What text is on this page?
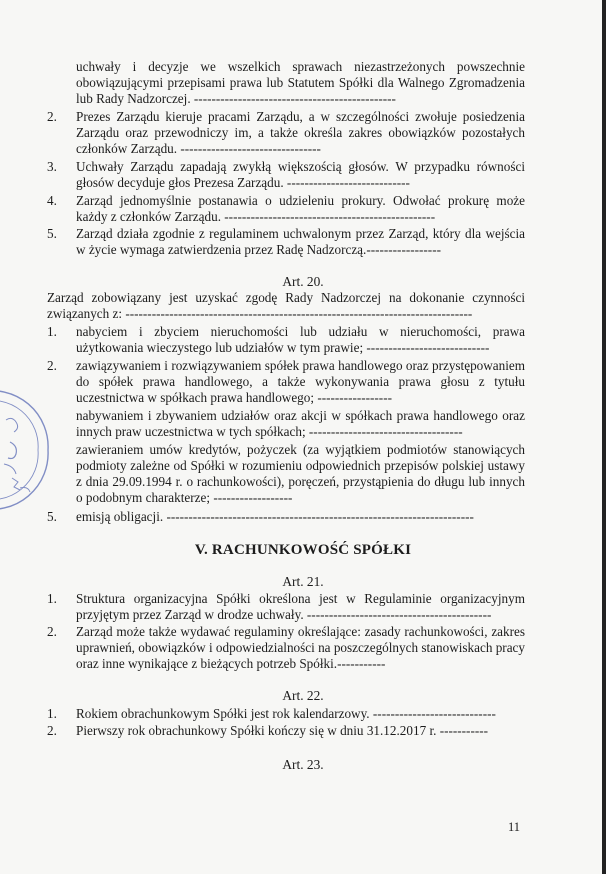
uchwały i decyzje we wszelkich sprawach niezastrzeżonych powszechnie obowiązującymi przepisami prawa lub Statutem Spółki dla Walnego Zgromadzenia lub Rady Nadzorczej. ----------------------------------------------
2.	Prezes Zarządu kieruje pracami Zarządu, a w szczególności zwołuje posiedzenia Zarządu oraz przewodniczy im, a także określa zakres obowiązków pozostałych członków Zarządu. --------------------------------
3.	Uchwały Zarządu zapadają zwykłą większością głosów. W przypadku równości głosów decyduje głos Prezesa Zarządu. ----------------------------
4.	Zarząd jednomyślnie postanawia o udzieleniu prokury. Odwołać prokurę może każdy z członków Zarządu. ------------------------------------------------
5.	Zarząd działa zgodnie z regulaminem uchwalonym przez Zarząd, który dla wejścia w życie wymaga zatwierdzenia przez Radę Nadzorczą.-----------------
Art. 20.
Zarząd zobowiązany jest uzyskać zgodę Rady Nadzorczej na dokonanie czynności związanych z: -------------------------------------------------------------------------------
1.	nabyciem i zbyciem nieruchomości lub udziału w nieruchomości, prawa użytkowania wieczystego lub udziałów w tym prawie; ----------------------------
2.	zawiązywaniem i rozwiązywaniem spółek prawa handlowego oraz przystępowaniem do spółek prawa handlowego, a także wykonywania prawa głosu z tytułu uczestnictwa w spółkach prawa handlowego; -----------------
nabywaniem i zbywaniem udziałów oraz akcji w spółkach prawa handlowego oraz innych praw uczestnictwa w tych spółkach; -----------------------------------
zawieraniem umów kredytów, pożyczek (za wyjątkiem podmiotów stanowiących podmioty zależne od Spółki w rozumieniu odpowiednich przepisów polskiej ustawy z dnia 29.09.1994 r. o rachunkowości), poręczeń, przystąpienia do długu lub innych o podobnym charakterze; ------------------
5.	emisją obligacji. ----------------------------------------------------------------------
V. RACHUNKOWOŚĆ SPÓŁKI
Art. 21.
1.	Struktura organizacyjna Spółki określona jest w Regulaminie organizacyjnym przyjętym przez Zarząd w drodze uchwały. ------------------------------------------
2.	Zarząd może także wydawać regulaminy określające: zasady rachunkowości, zakres uprawnień, obowiązków i odpowiedzialności na poszczególnych stanowiskach pracy oraz inne wynikające z bieżących potrzeb Spółki.-----------
Art. 22.
1.	Rokiem obrachunkowym Spółki jest rok kalendarzowy. ----------------------------
2.	Pierwszy rok obrachunkowy Spółki kończy się w dniu 31.12.2017 r. -----------
Art. 23.
11
